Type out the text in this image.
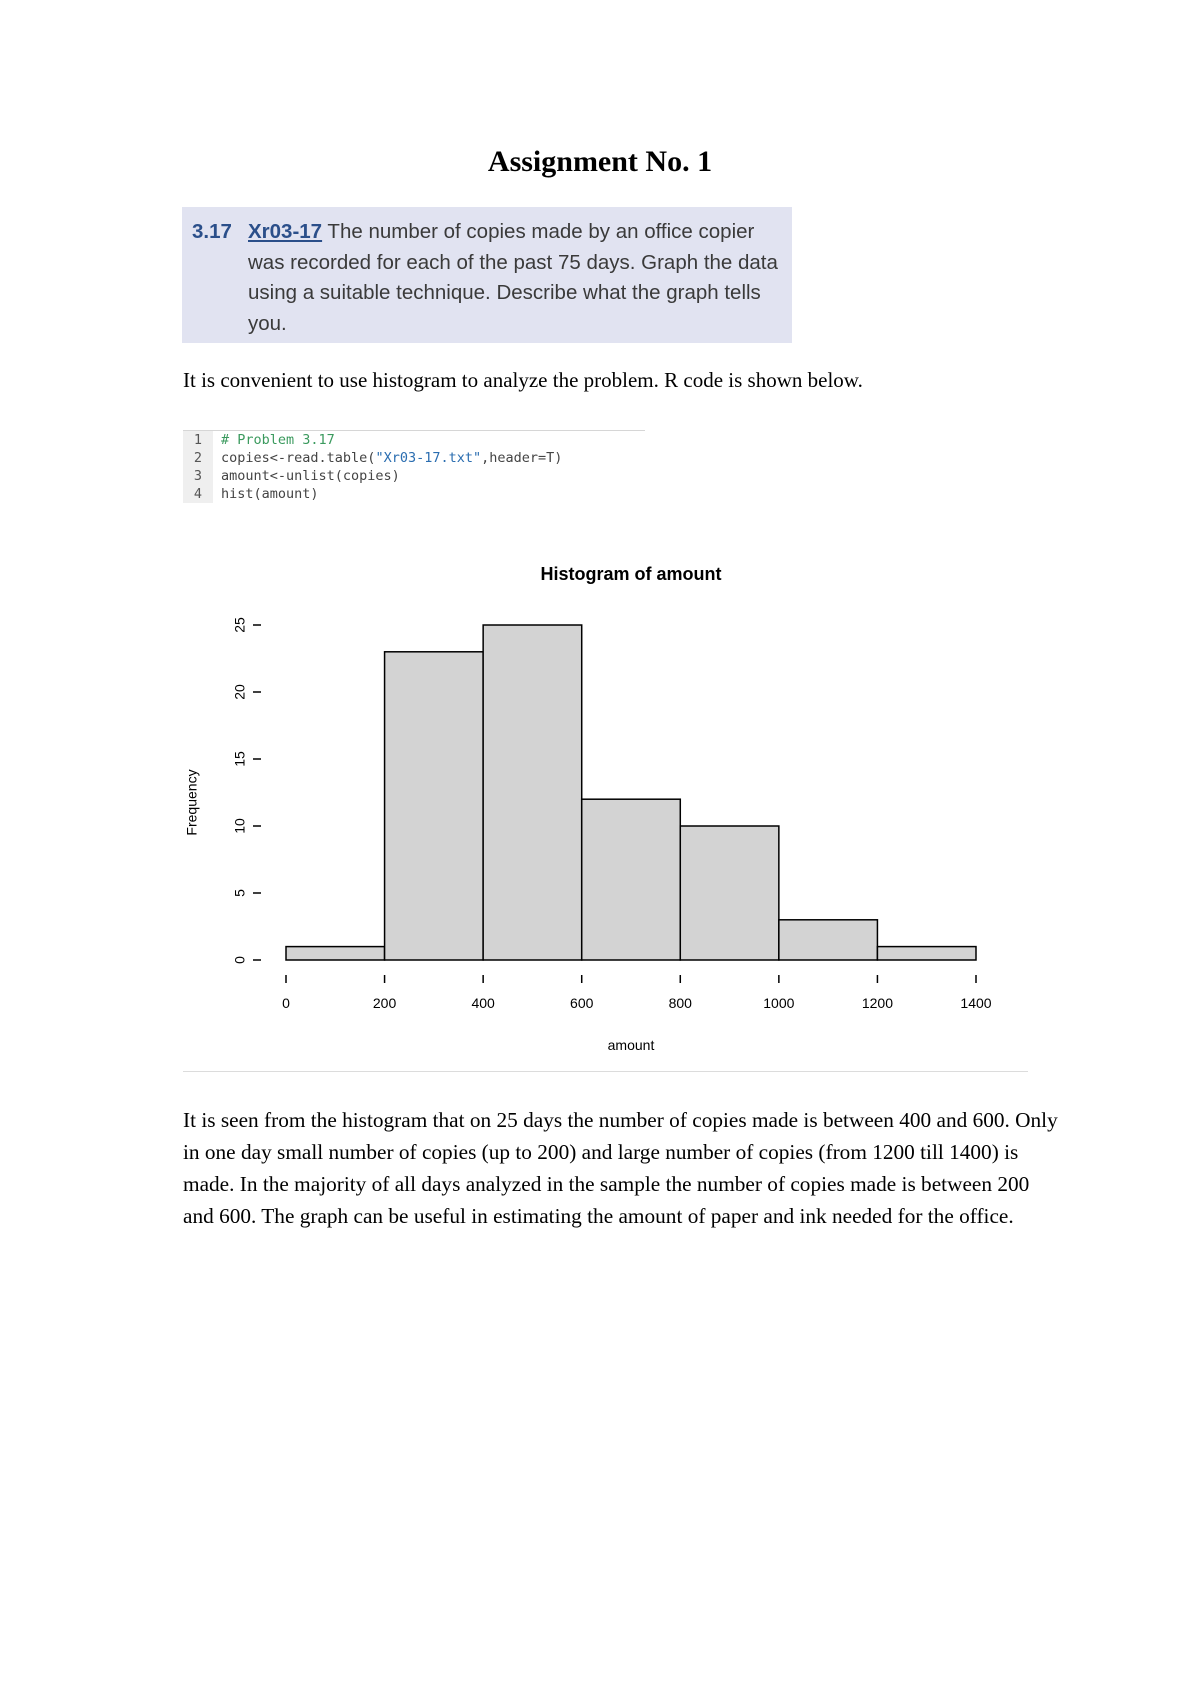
Assignment No. 1
3.17 Xr03-17 The number of copies made by an office copier was recorded for each of the past 75 days. Graph the data using a suitable technique. Describe what the graph tells you.
It is convenient to use histogram to analyze the problem. R code is shown below.
1	# Problem 3.17
2	copies<-read.table("Xr03-17.txt",header=T)
3	amount<-unlist(copies)
4	hist(amount)
Histogram of amount
0	200	400	600	800	1000	1200	1400
0
5
10
15
20
25
amount
Frequency
It is seen from the histogram that on 25 days the number of copies made is between 400 and 600. Only in one day small number of copies (up to 200) and large number of copies (from 1200 till 1400) is made. In the majority of all days analyzed in the sample the number of copies made is between 200 and 600. The graph can be useful in estimating the amount of paper and ink needed for the office.
